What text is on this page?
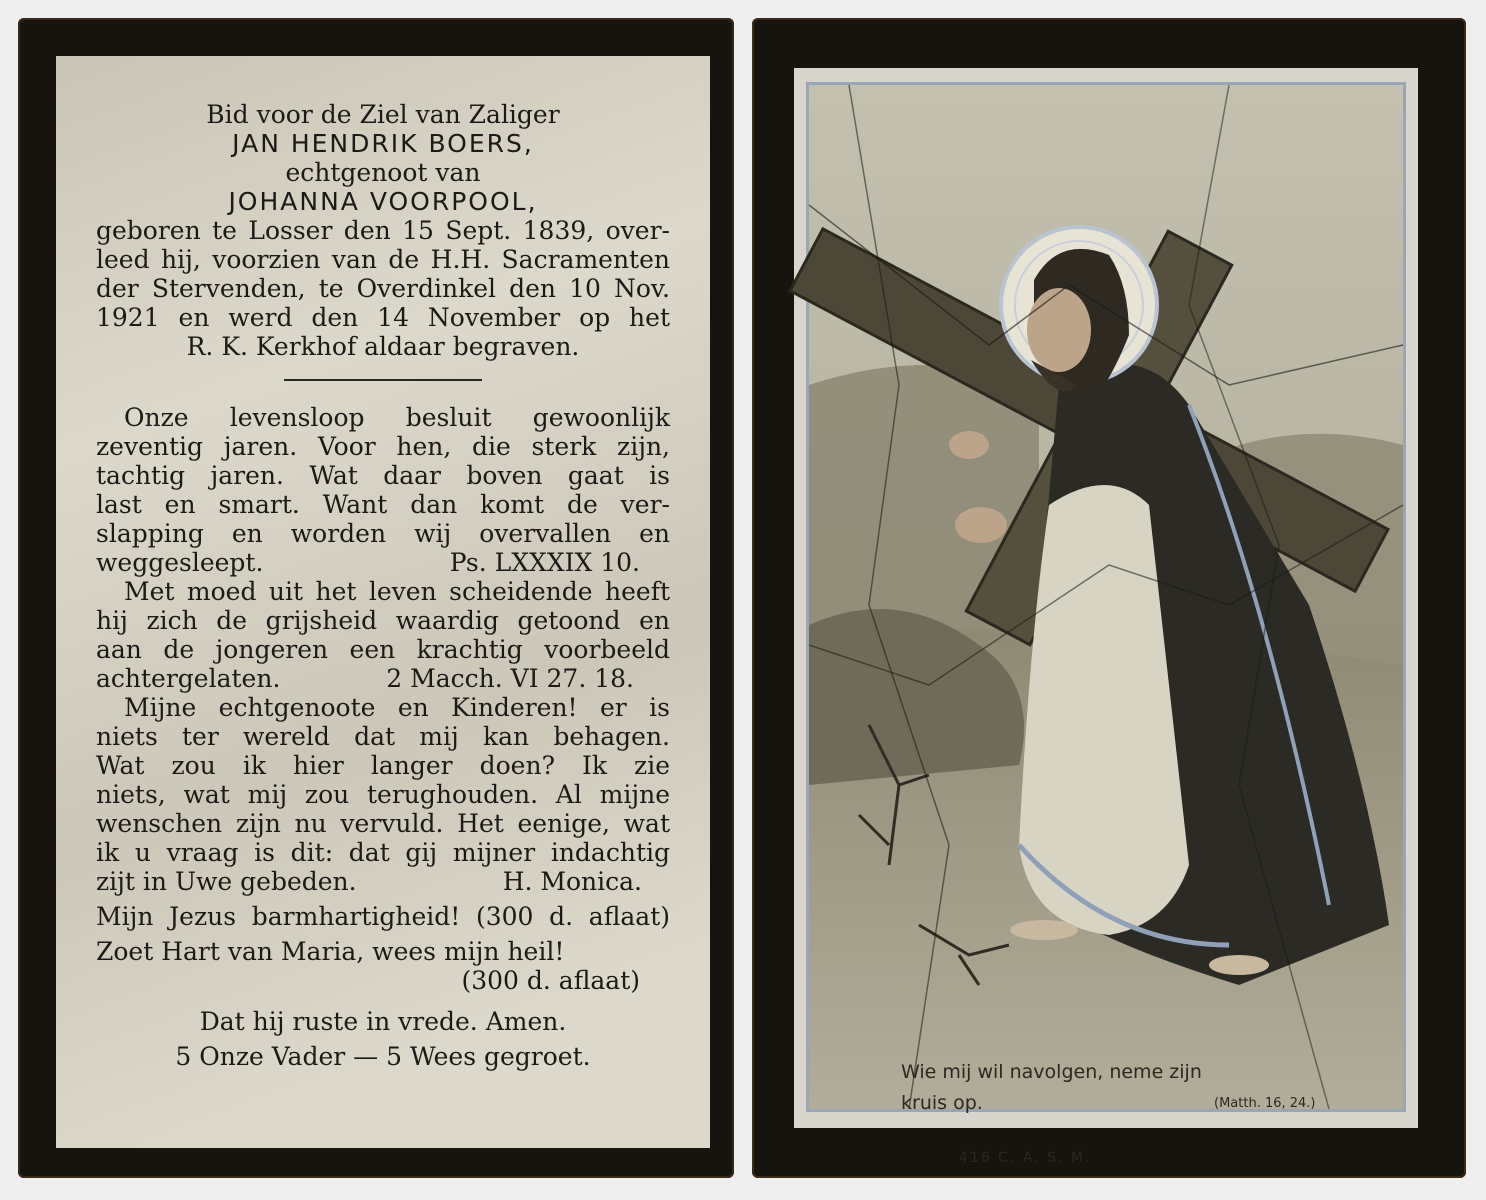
Bid voor de Ziel van Zaliger
JAN HENDRIK BOERS,
echtgenoot van
JOHANNA VOORPOOL,
geboren te Losser den 15 Sept. 1839, over-
leed hij, voorzien van de H.H. Sacramenten
der Stervenden, te Overdinkel den 10 Nov.
1921 en werd den 14 November op het
R. K. Kerkhof aldaar begraven.
Onze levensloop besluit gewoonlijk
zeventig jaren. Voor hen, die sterk zijn,
tachtig jaren. Wat daar boven gaat is
last en smart. Want dan komt de ver-
slapping en worden wij overvallen en
weggesleept.	Ps. LXXXIX 10.
Met moed uit het leven scheidende heeft
hij zich de grijsheid waardig getoond en
aan de jongeren een krachtig voorbeeld
achtergelaten.	2 Macch. VI 27. 18.
Mijne echtgenoote en Kinderen! er is
niets ter wereld dat mij kan behagen.
Wat zou ik hier langer doen? Ik zie
niets, wat mij zou terughouden. Al mijne
wenschen zijn nu vervuld. Het eenige, wat
ik u vraag is dit: dat gij mijner indachtig
zijt in Uwe gebeden.	H. Monica.
Mijn Jezus barmhartigheid! (300 d. aflaat)
Zoet Hart van Maria, wees mijn heil!
(300 d. aflaat)
Dat hij ruste in vrede. Amen.
5 Onze Vader — 5 Wees gegroet.
Wie mij wil navolgen, neme zijn
kruis op.	(Matth. 16, 24.)
416 C. A. S. M.
